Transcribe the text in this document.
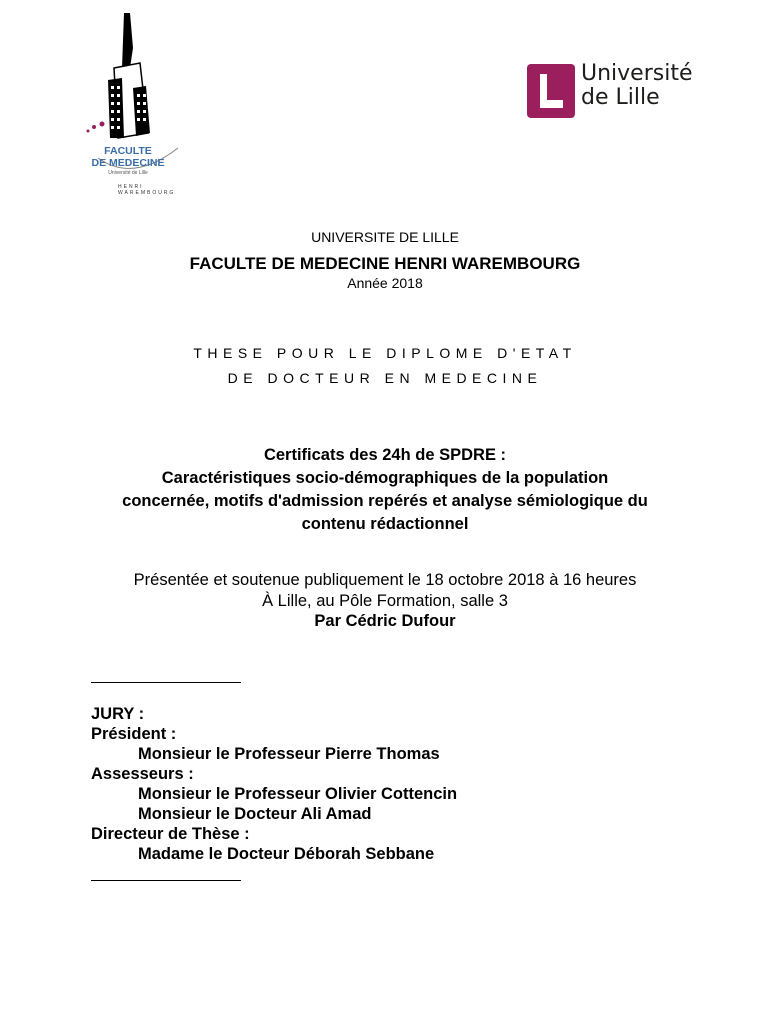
FACULTE
DE MEDECINE
Université de Lille
HENRI WAREMBOURG
Université
de Lille
UNIVERSITE DE LILLE
FACULTE DE MEDECINE HENRI WAREMBOURG
Année 2018
THESE POUR LE DIPLOME D'ETAT
DE DOCTEUR EN MEDECINE
Certificats des 24h de SPDRE :
Caractéristiques socio-démographiques de la population
concernée, motifs d'admission repérés et analyse sémiologique du
contenu rédactionnel
Présentée et soutenue publiquement le 18 octobre 2018 à 16 heures
À Lille, au Pôle Formation, salle 3
Par Cédric Dufour
JURY :
Président :
Monsieur le Professeur Pierre Thomas
Assesseurs :
Monsieur le Professeur Olivier Cottencin
Monsieur le Docteur Ali Amad
Directeur de Thèse :
Madame le Docteur Déborah Sebbane
